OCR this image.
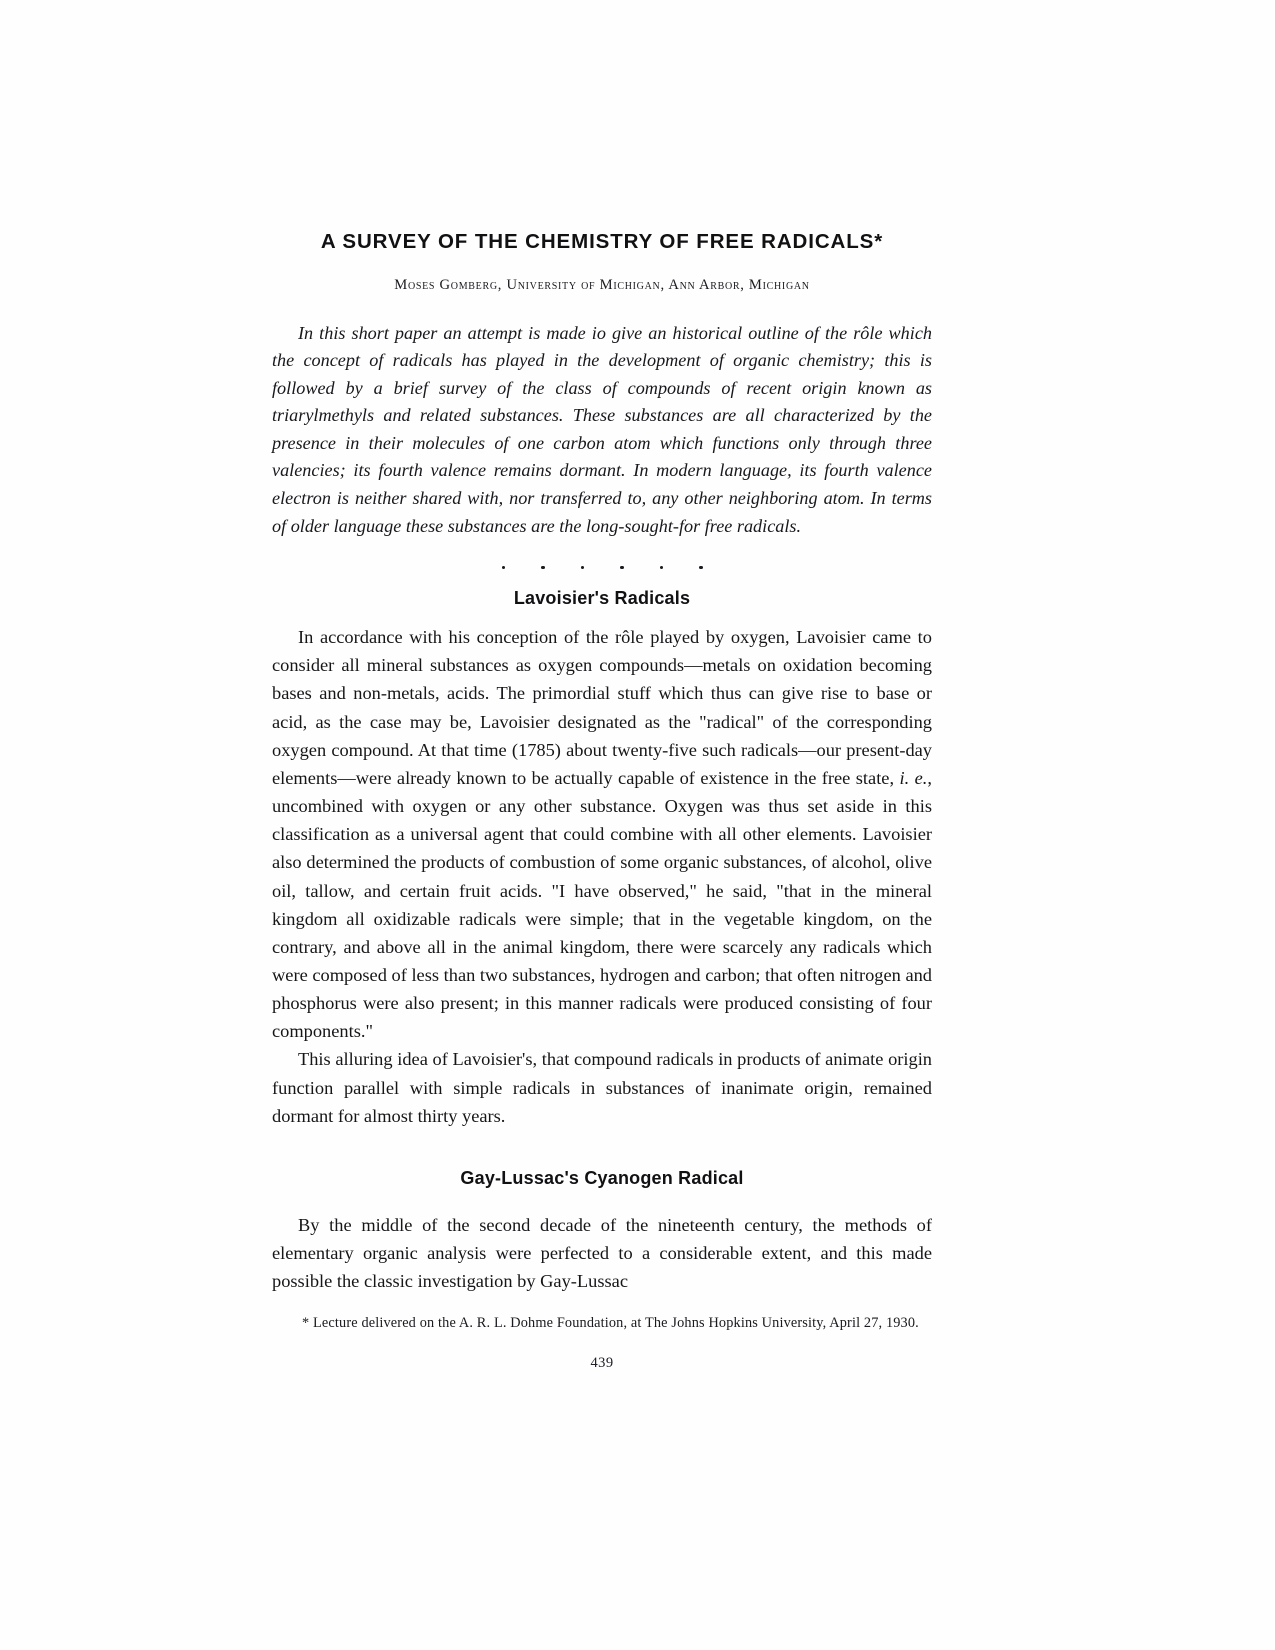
A SURVEY OF THE CHEMISTRY OF FREE RADICALS*
Moses Gomberg, University of Michigan, Ann Arbor, Michigan

In this short paper an attempt is made io give an historical outline of the rôle which the concept of radicals has played in the development of organic chemistry; this is followed by a brief survey of the class of compounds of recent origin known as triarylmethyls and related substances. These substances are all characterized by the presence in their molecules of one carbon atom which functions only through three valencies; its fourth valence remains dormant. In modern language, its fourth valence electron is neither shared with, nor transferred to, any other neighboring atom. In terms of older language these substances are the long-sought-for free radicals.

Lavoisier's Radicals

In accordance with his conception of the rôle played by oxygen, Lavoisier came to consider all mineral substances as oxygen compounds—metals on oxidation becoming bases and non-metals, acids. The primordial stuff which thus can give rise to base or acid, as the case may be, Lavoisier designated as the "radical" of the corresponding oxygen compound. At that time (1785) about twenty-five such radicals—our present-day elements—were already known to be actually capable of existence in the free state, i. e., uncombined with oxygen or any other substance. Oxygen was thus set aside in this classification as a universal agent that could combine with all other elements. Lavoisier also determined the products of combustion of some organic substances, of alcohol, olive oil, tallow, and certain fruit acids. "I have observed," he said, "that in the mineral kingdom all oxidizable radicals were simple; that in the vegetable kingdom, on the contrary, and above all in the animal kingdom, there were scarcely any radicals which were composed of less than two substances, hydrogen and carbon; that often nitrogen and phosphorus were also present; in this manner radicals were produced consisting of four components."

This alluring idea of Lavoisier's, that compound radicals in products of animate origin function parallel with simple radicals in substances of inanimate origin, remained dormant for almost thirty years.

Gay-Lussac's Cyanogen Radical

By the middle of the second decade of the nineteenth century, the methods of elementary organic analysis were perfected to a considerable extent, and this made possible the classic investigation by Gay-Lussac

* Lecture delivered on the A. R. L. Dohme Foundation, at The Johns Hopkins University, April 27, 1930.

439
